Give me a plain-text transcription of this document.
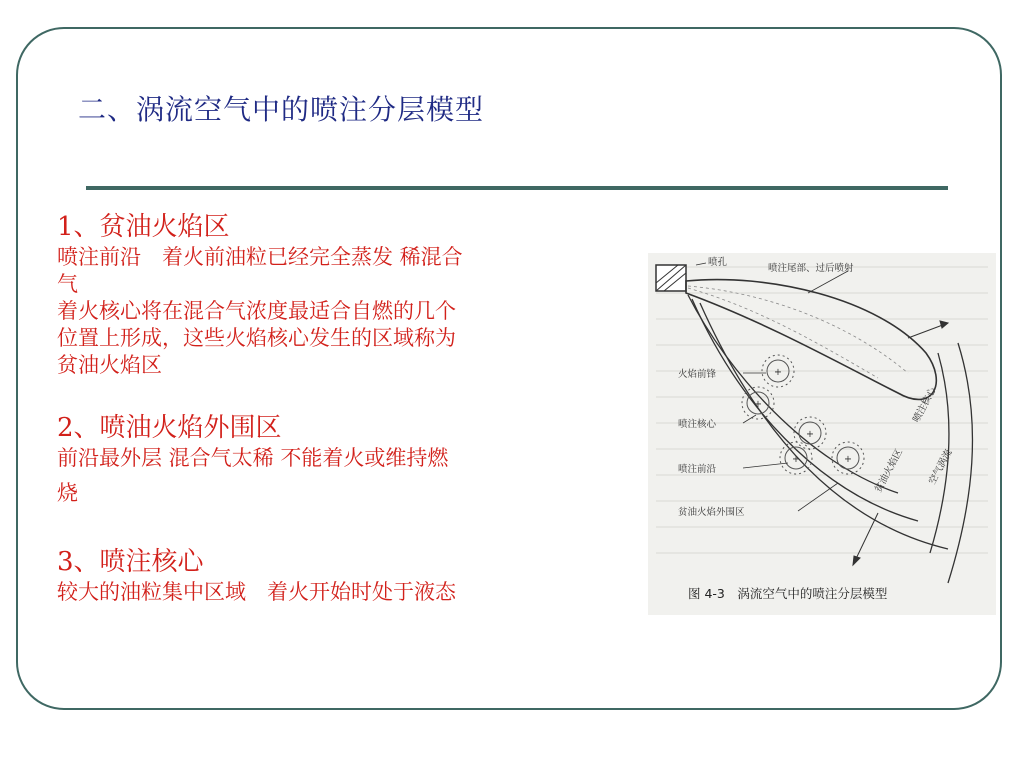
二、涡流空气中的喷注分层模型
1、贫油火焰区
喷注前沿　着火前油粒已经完全蒸发 稀混合
气
着火核心将在混合气浓度最适合自燃的几个
位置上形成，这些火焰核心发生的区域称为
贫油火焰区
2、喷油火焰外围区
前沿最外层 混合气太稀 不能着火或维持燃
烧
3、喷注核心
较大的油粒集中区域　着火开始时处于液态
+
+
+
+	+
喷孔
喷注尾部、过后喷射
火焰前锋
喷注核心
喷注前沿
贫油火焰外围区
喷注核心
贫油火焰区 空气涡流
图 4-3　涡流空气中的喷注分层模型
